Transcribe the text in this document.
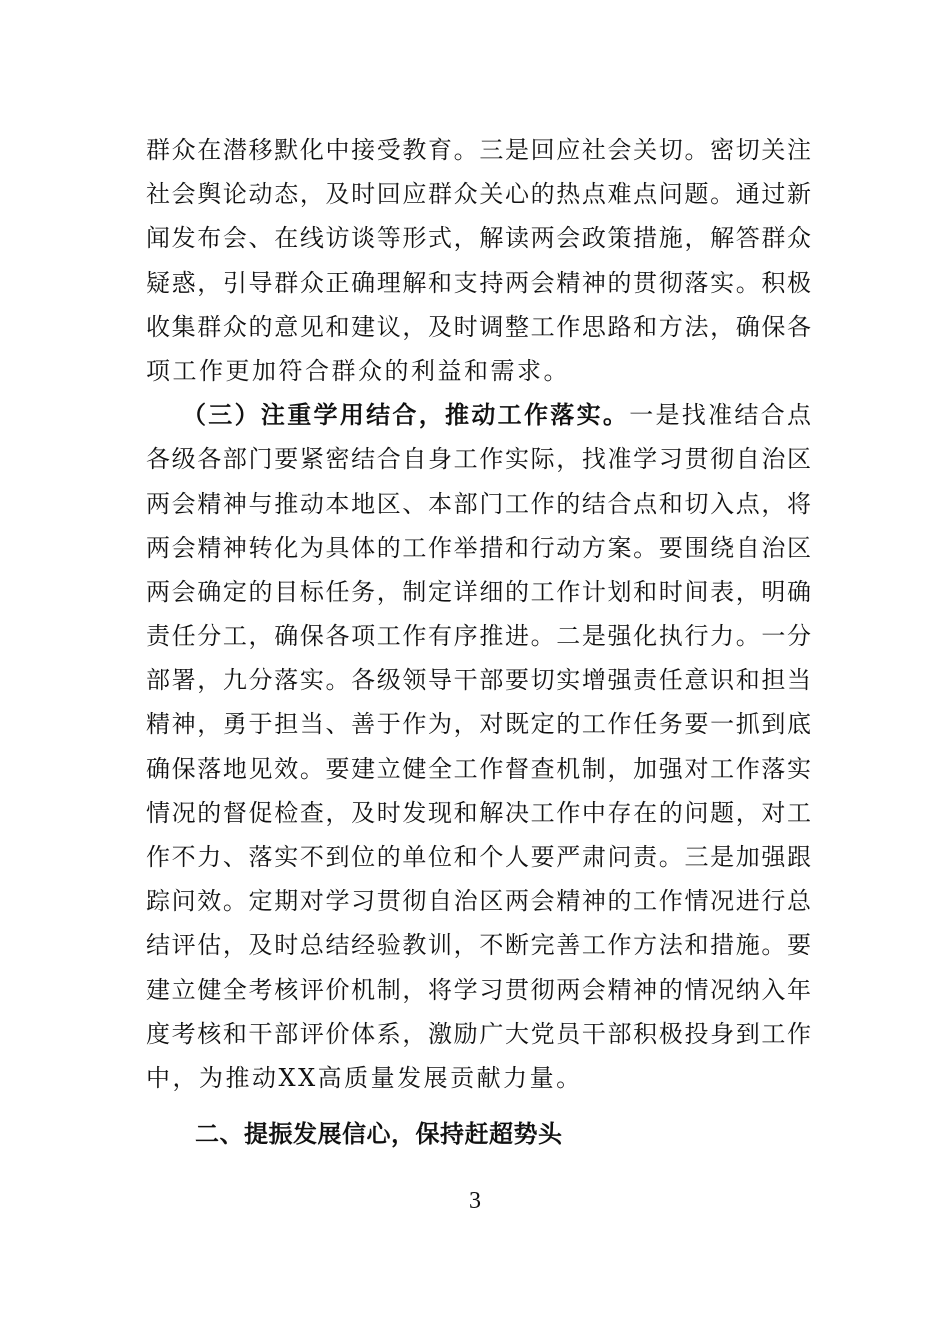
群众在潜移默化中接受教育。三是回应社会关切。密切关注
社会舆论动态，及时回应群众关心的热点难点问题。通过新
闻发布会、在线访谈等形式，解读两会政策措施，解答群众
疑惑，引导群众正确理解和支持两会精神的贯彻落实。积极
收集群众的意见和建议，及时调整工作思路和方法，确保各
项工作更加符合群众的利益和需求。
（三）注重学用结合，推动工作落实。一是找准结合点
各级各部门要紧密结合自身工作实际，找准学习贯彻自治区
两会精神与推动本地区、本部门工作的结合点和切入点，将
两会精神转化为具体的工作举措和行动方案。要围绕自治区
两会确定的目标任务，制定详细的工作计划和时间表，明确
责任分工，确保各项工作有序推进。二是强化执行力。一分
部署，九分落实。各级领导干部要切实增强责任意识和担当
精神，勇于担当、善于作为，对既定的工作任务要一抓到底
确保落地见效。要建立健全工作督查机制，加强对工作落实
情况的督促检查，及时发现和解决工作中存在的问题，对工
作不力、落实不到位的单位和个人要严肃问责。三是加强跟
踪问效。定期对学习贯彻自治区两会精神的工作情况进行总
结评估，及时总结经验教训，不断完善工作方法和措施。要
建立健全考核评价机制，将学习贯彻两会精神的情况纳入年
度考核和干部评价体系，激励广大党员干部积极投身到工作
中，为推动XX高质量发展贡献力量。
二、提振发展信心，保持赶超势头
3
